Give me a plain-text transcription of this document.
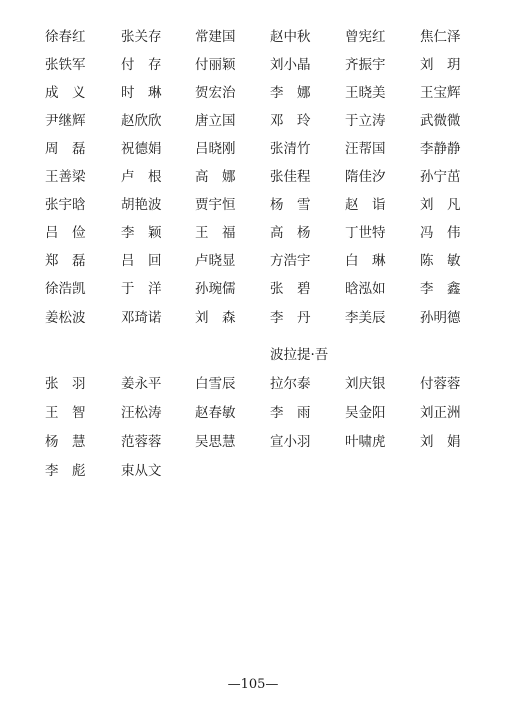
徐春红	张关存	常建国	赵中秋	曾宪红	焦仁泽
张铁军	付　存	付丽颖	刘小晶	齐振宇	刘　玥
成　义	时　琳	贺宏治	李　娜	王晓美	王宝辉
尹继辉	赵欣欣	唐立国	邓　玲	于立涛	武微微
周　磊	祝德娟	吕晓刚	张清竹	汪帮国	李静静
王善梁	卢　根	高　娜	张佳程	隋佳汐	孙宁茁
张宇晗	胡艳波	贾宇恒	杨　雪	赵　诣	刘　凡
吕　俭	李　颖	王　福	高　杨	丁世特	冯　伟
郑　磊	吕　回	卢晓显	方浩宇	白　琳	陈　敏
徐浩凯	于　洋	孙琬儒	张　碧	晗泓如	李　鑫
姜松波	邓琦诺	刘　森	李　丹	李美辰	孙明德
波拉提·吾
张　羽	姜永平	白雪辰	拉尔泰	刘庆银	付蓉蓉
王　智	汪松涛	赵春敏	李　雨	吴金阳	刘正洲
杨　慧	范蓉蓉	吴思慧	宣小羽	叶啸虎	刘　娟
李　彪	束从文
—105—
